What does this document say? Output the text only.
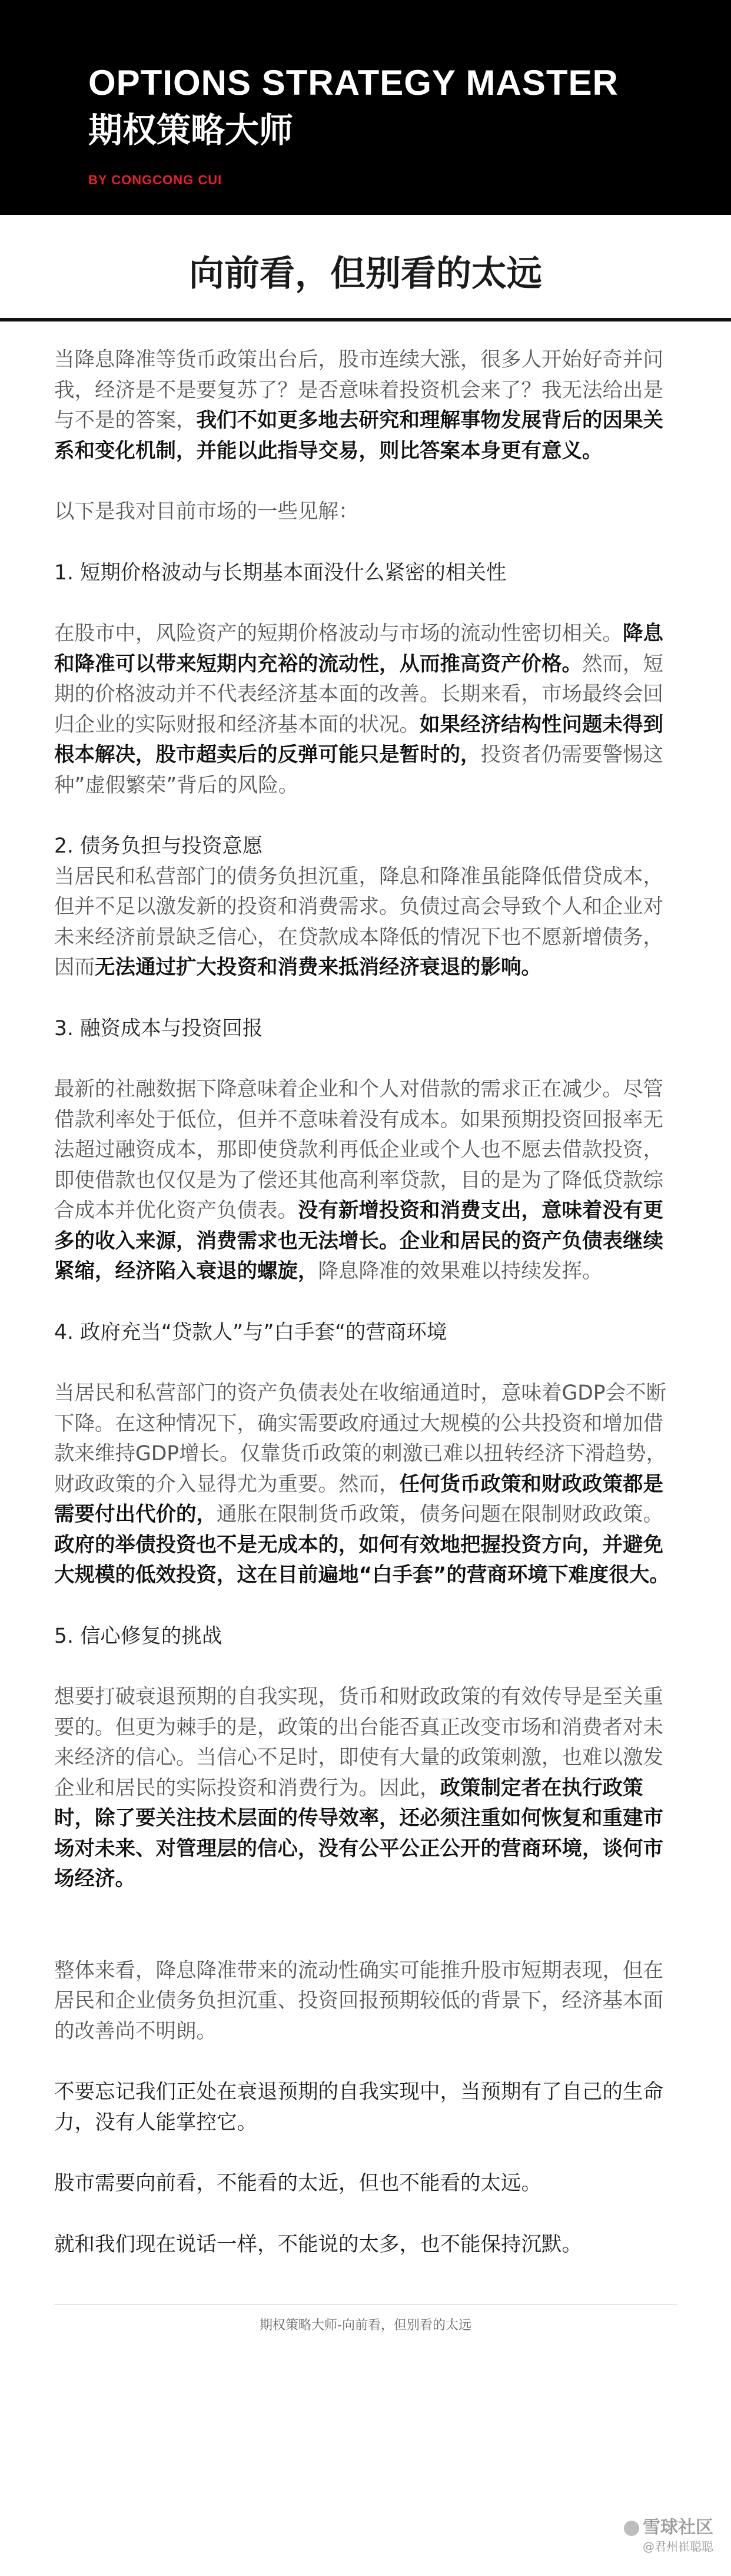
OPTIONS STRATEGY MASTER
期权策略大师
BY CONGCONG CUI
向前看，但别看的太远

当降息降准等货币政策出台后，股市连续大涨，很多人开始好奇并问我，经济是不是要复苏了？是否意味着投资机会来了？我无法给出是与不是的答案，我们不如更多地去研究和理解事物发展背后的因果关系和变化机制，并能以此指导交易，则比答案本身更有意义。

以下是我对目前市场的一些见解：

1. 短期价格波动与长期基本面没什么紧密的相关性

在股市中，风险资产的短期价格波动与市场的流动性密切相关。降息和降准可以带来短期内充裕的流动性，从而推高资产价格。然而，短期的价格波动并不代表经济基本面的改善。长期来看，市场最终会回归企业的实际财报和经济基本面的状况。如果经济结构性问题未得到根本解决，股市超卖后的反弹可能只是暂时的，投资者仍需要警惕这种”虚假繁荣”背后的风险。

2. 债务负担与投资意愿

当居民和私营部门的债务负担沉重，降息和降准虽能降低借贷成本，但并不足以激发新的投资和消费需求。负债过高会导致个人和企业对未来经济前景缺乏信心，在贷款成本降低的情况下也不愿新增债务，因而无法通过扩大投资和消费来抵消经济衰退的影响。

3. 融资成本与投资回报

最新的社融数据下降意味着企业和个人对借款的需求正在减少。尽管借款利率处于低位，但并不意味着没有成本。如果预期投资回报率无法超过融资成本，那即使贷款利再低企业或个人也不愿去借款投资，即使借款也仅仅是为了偿还其他高利率贷款，目的是为了降低贷款综合成本并优化资产负债表。没有新增投资和消费支出，意味着没有更多的收入来源，消费需求也无法增长。企业和居民的资产负债表继续紧缩，经济陷入衰退的螺旋，降息降准的效果难以持续发挥。

4. 政府充当“贷款人”与”白手套“的营商环境

当居民和私营部门的资产负债表处在收缩通道时，意味着GDP会不断下降。在这种情况下，确实需要政府通过大规模的公共投资和增加借款来维持GDP增长。仅靠货币政策的刺激已难以扭转经济下滑趋势，财政政策的介入显得尤为重要。然而，任何货币政策和财政政策都是需要付出代价的，通胀在限制货币政策，债务问题在限制财政政策。政府的举债投资也不是无成本的，如何有效地把握投资方向，并避免大规模的低效投资，这在目前遍地“白手套”的营商环境下难度很大。

5. 信心修复的挑战

想要打破衰退预期的自我实现，货币和财政政策的有效传导是至关重要的。但更为棘手的是，政策的出台能否真正改变市场和消费者对未来经济的信心。当信心不足时，即使有大量的政策刺激，也难以激发企业和居民的实际投资和消费行为。因此，政策制定者在执行政策时，除了要关注技术层面的传导效率，还必须注重如何恢复和重建市场对未来、对管理层的信心，没有公平公正公开的营商环境，谈何市场经济。

整体来看，降息降准带来的流动性确实可能推升股市短期表现，但在居民和企业债务负担沉重、投资回报预期较低的背景下，经济基本面的改善尚不明朗。

不要忘记我们正处在衰退预期的自我实现中，当预期有了自己的生命力，没有人能掌控它。

股市需要向前看，不能看的太近，但也不能看的太远。

就和我们现在说话一样，不能说的太多，也不能保持沉默。

期权策略大师-向前看，但别看的太远
雪球社区
@君州崔聪聪
